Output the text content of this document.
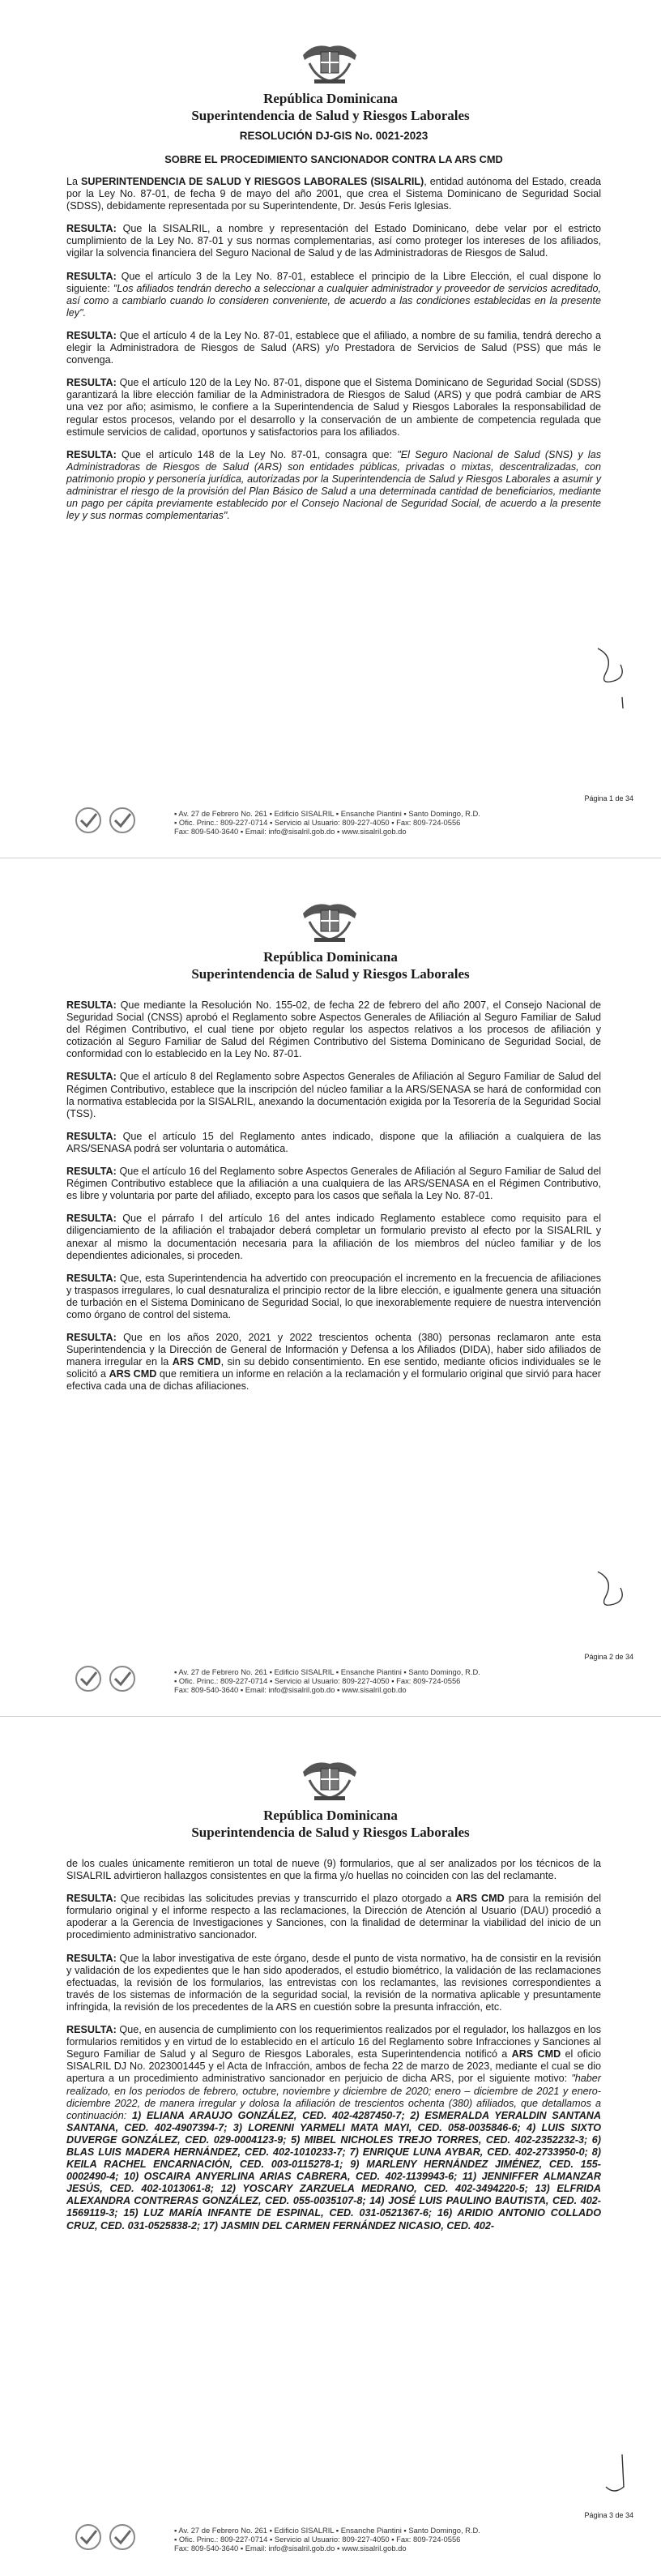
República Dominicana
Superintendencia de Salud y Riesgos Laborales

RESOLUCIÓN DJ-GIS No. 0021-2023

SOBRE EL PROCEDIMIENTO SANCIONADOR CONTRA LA ARS CMD

La SUPERINTENDENCIA DE SALUD Y RIESGOS LABORALES (SISALRIL), entidad autónoma del Estado, creada por la Ley No. 87-01, de fecha 9 de mayo del año 2001, que crea el Sistema Dominicano de Seguridad Social (SDSS), debidamente representada por su Superintendente, Dr. Jesús Feris Iglesias.

RESULTA: Que la SISALRIL, a nombre y representación del Estado Dominicano, debe velar por el estricto cumplimiento de la Ley No. 87-01 y sus normas complementarias, así como proteger los intereses de los afiliados, vigilar la solvencia financiera del Seguro Nacional de Salud y de las Administradoras de Riesgos de Salud.

RESULTA: Que el artículo 3 de la Ley No. 87-01, establece el principio de la Libre Elección, el cual dispone lo siguiente: "Los afiliados tendrán derecho a seleccionar a cualquier administrador y proveedor de servicios acreditado, así como a cambiarlo cuando lo consideren conveniente, de acuerdo a las condiciones establecidas en la presente ley".

RESULTA: Que el artículo 4 de la Ley No. 87-01, establece que el afiliado, a nombre de su familia, tendrá derecho a elegir la Administradora de Riesgos de Salud (ARS) y/o Prestadora de Servicios de Salud (PSS) que más le convenga.

RESULTA: Que el artículo 120 de la Ley No. 87-01, dispone que el Sistema Dominicano de Seguridad Social (SDSS) garantizará la libre elección familiar de la Administradora de Riesgos de Salud (ARS) y que podrá cambiar de ARS una vez por año; asimismo, le confiere a la Superintendencia de Salud y Riesgos Laborales la responsabilidad de regular estos procesos, velando por el desarrollo y la conservación de un ambiente de competencia regulada que estimule servicios de calidad, oportunos y satisfactorios para los afiliados.

RESULTA: Que el artículo 148 de la Ley No. 87-01, consagra que: "El Seguro Nacional de Salud (SNS) y las Administradoras de Riesgos de Salud (ARS) son entidades públicas, privadas o mixtas, descentralizadas, con patrimonio propio y personería jurídica, autorizadas por la Superintendencia de Salud y Riesgos Laborales a asumir y administrar el riesgo de la provisión del Plan Básico de Salud a una determinada cantidad de beneficiarios, mediante un pago per cápita previamente establecido por el Consejo Nacional de Seguridad Social, de acuerdo a la presente ley y sus normas complementarias".

Página 1 de 34
▪ Av. 27 de Febrero No. 261 ▪ Edificio SISALRIL ▪ Ensanche Piantini ▪ Santo Domingo, R.D.
▪ Ofic. Princ.: 809-227-0714 ▪ Servicio al Usuario: 809-227-4050 ▪ Fax: 809-724-0556
Fax: 809-540-3640 ▪ Email: info@sisalril.gob.do ▪ www.sisalril.gob.do
República Dominicana
Superintendencia de Salud y Riesgos Laborales

RESULTA: Que mediante la Resolución No. 155-02, de fecha 22 de febrero del año 2007, el Consejo Nacional de Seguridad Social (CNSS) aprobó el Reglamento sobre Aspectos Generales de Afiliación al Seguro Familiar de Salud del Régimen Contributivo, el cual tiene por objeto regular los aspectos relativos a los procesos de afiliación y cotización al Seguro Familiar de Salud del Régimen Contributivo del Sistema Dominicano de Seguridad Social, de conformidad con lo establecido en la Ley No. 87-01.

RESULTA: Que el artículo 8 del Reglamento sobre Aspectos Generales de Afiliación al Seguro Familiar de Salud del Régimen Contributivo, establece que la inscripción del núcleo familiar a la ARS/SENASA se hará de conformidad con la normativa establecida por la SISALRIL, anexando la documentación exigida por la Tesorería de la Seguridad Social (TSS).

RESULTA: Que el artículo 15 del Reglamento antes indicado, dispone que la afiliación a cualquiera de las ARS/SENASA podrá ser voluntaria o automática.

RESULTA: Que el artículo 16 del Reglamento sobre Aspectos Generales de Afiliación al Seguro Familiar de Salud del Régimen Contributivo establece que la afiliación a una cualquiera de las ARS/SENASA en el Régimen Contributivo, es libre y voluntaria por parte del afiliado, excepto para los casos que señala la Ley No. 87-01.

RESULTA: Que el párrafo I del artículo 16 del antes indicado Reglamento establece como requisito para el diligenciamiento de la afiliación el trabajador deberá completar un formulario previsto al efecto por la SISALRIL y anexar al mismo la documentación necesaria para la afiliación de los miembros del núcleo familiar y de los dependientes adicionales, si proceden.

RESULTA: Que, esta Superintendencia ha advertido con preocupación el incremento en la frecuencia de afiliaciones y traspasos irregulares, lo cual desnaturaliza el principio rector de la libre elección, e igualmente genera una situación de turbación en el Sistema Dominicano de Seguridad Social, lo que inexorablemente requiere de nuestra intervención como órgano de control del sistema.

RESULTA: Que en los años 2020, 2021 y 2022 trescientos ochenta (380) personas reclamaron ante esta Superintendencia y la Dirección de General de Información y Defensa a los Afiliados (DIDA), haber sido afiliados de manera irregular en la ARS CMD, sin su debido consentimiento. En ese sentido, mediante oficios individuales se le solicitó a ARS CMD que remitiera un informe en relación a la reclamación y el formulario original que sirvió para hacer efectiva cada una de dichas afiliaciones.

Página 2 de 34
▪ Av. 27 de Febrero No. 261 ▪ Edificio SISALRIL ▪ Ensanche Piantini ▪ Santo Domingo, R.D.
▪ Ofic. Princ.: 809-227-0714 ▪ Servicio al Usuario: 809-227-4050 ▪ Fax: 809-724-0556
Fax: 809-540-3640 ▪ Email: info@sisalril.gob.do ▪ www.sisalril.gob.do
República Dominicana
Superintendencia de Salud y Riesgos Laborales

de los cuales únicamente remitieron un total de nueve (9) formularios, que al ser analizados por los técnicos de la SISALRIL advirtieron hallazgos consistentes en que la firma y/o huellas no coinciden con las del reclamante.

RESULTA: Que recibidas las solicitudes previas y transcurrido el plazo otorgado a ARS CMD para la remisión del formulario original y el informe respecto a las reclamaciones, la Dirección de Atención al Usuario (DAU) procedió a apoderar a la Gerencia de Investigaciones y Sanciones, con la finalidad de determinar la viabilidad del inicio de un procedimiento administrativo sancionador.

RESULTA: Que la labor investigativa de este órgano, desde el punto de vista normativo, ha de consistir en la revisión y validación de los expedientes que le han sido apoderados, el estudio biométrico, la validación de las reclamaciones efectuadas, la revisión de los formularios, las entrevistas con los reclamantes, las revisiones correspondientes a través de los sistemas de información de la seguridad social, la revisión de la normativa aplicable y presuntamente infringida, la revisión de los precedentes de la ARS en cuestión sobre la presunta infracción, etc.

RESULTA: Que, en ausencia de cumplimiento con los requerimientos realizados por el regulador, los hallazgos en los formularios remitidos y en virtud de lo establecido en el artículo 16 del Reglamento sobre Infracciones y Sanciones al Seguro Familiar de Salud y al Seguro de Riesgos Laborales, esta Superintendencia notificó a ARS CMD el oficio SISALRIL DJ No. 2023001445 y el Acta de Infracción, ambos de fecha 22 de marzo de 2023, mediante el cual se dio apertura a un procedimiento administrativo sancionador en perjuicio de dicha ARS, por el siguiente motivo: "haber realizado, en los periodos de febrero, octubre, noviembre y diciembre de 2020; enero – diciembre de 2021 y enero-diciembre 2022, de manera irregular y dolosa la afiliación de trescientos ochenta (380) afiliados, que detallamos a continuación: 1) ELIANA ARAUJO GONZÁLEZ, CED. 402-4287450-7; 2) ESMERALDA YERALDIN SANTANA SANTANA, CED. 402-4907394-7; 3) LORENNI YARMELI MATA MAYI, CED. 058-0035846-6; 4) LUIS SIXTO DUVERGE GONZÁLEZ, CED. 029-0004123-9; 5) MIBEL NICHOLES TREJO TORRES, CED. 402-2352232-3; 6) BLAS LUIS MADERA HERNÁNDEZ, CED. 402-1010233-7; 7) ENRIQUE LUNA AYBAR, CED. 402-2733950-0; 8) KEILA RACHEL ENCARNACIÓN, CED. 003-0115278-1; 9) MARLENY HERNÁNDEZ JIMÉNEZ, CED. 155-0002490-4; 10) OSCAIRA ANYERLINA ARIAS CABRERA, CED. 402-1139943-6; 11) JENNIFFER ALMANZAR JESÚS, CED. 402-1013061-8; 12) YOSCARY ZARZUELA MEDRANO, CED. 402-3494220-5; 13) ELFRIDA ALEXANDRA CONTRERAS GONZÁLEZ, CED. 055-0035107-8; 14) JOSÉ LUIS PAULINO BAUTISTA, CED. 402-1569119-3; 15) LUZ MARÍA INFANTE DE ESPINAL, CED. 031-0521367-6; 16) ARIDIO ANTONIO COLLADO CRUZ, CED. 031-0525838-2; 17) JASMIN DEL CARMEN FERNÁNDEZ NICASIO, CED. 402-

Página 3 de 34
▪ Av. 27 de Febrero No. 261 ▪ Edificio SISALRIL ▪ Ensanche Piantini ▪ Santo Domingo, R.D.
▪ Ofic. Princ.: 809-227-0714 ▪ Servicio al Usuario: 809-227-4050 ▪ Fax: 809-724-0556
Fax: 809-540-3640 ▪ Email: info@sisalril.gob.do ▪ www.sisalril.gob.do
